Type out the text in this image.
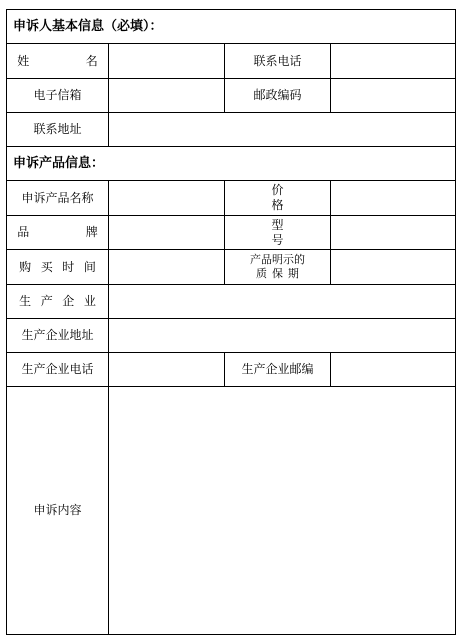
申诉人基本信息（必填）：			
姓 名		联系电话	
电子信箱		邮政编码	
联系地址			
申诉产品信息：			
申诉产品名称		价 格	
品 牌		型 号	
购买时间		产品明示的
质保期	

生产企业			
生产企业地址			
生产企业电话		生产企业邮编	
申诉内容			
